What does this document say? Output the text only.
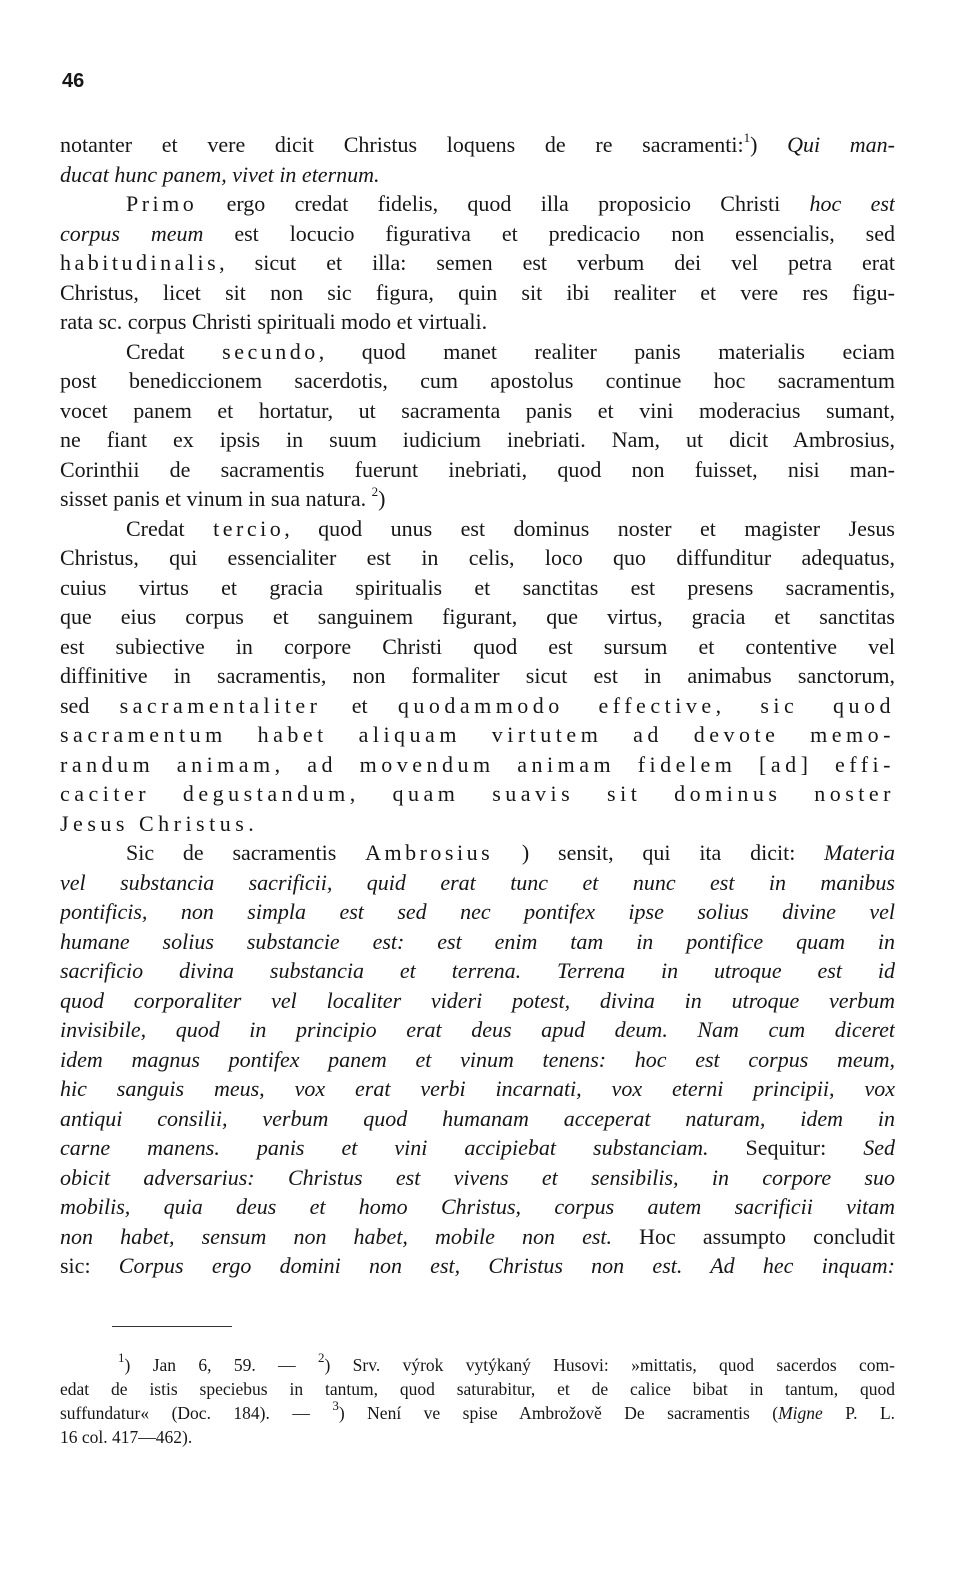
46
notanter et vere dicit Christus loquens de re sacramenti:$^1$) Qui man-
ducat hunc panem, vivet in eternum.
Primo ergo credat fidelis, quod illa proposicio Christi hoc est
corpus meum est locucio figurativa et predicacio non essencialis, sed
habitudinalis, sicut et illa: semen est verbum dei vel petra erat
Christus, licet sit non sic figura, quin sit ibi realiter et vere res figu-
rata sc. corpus Christi spirituali modo et virtuali.
Credat secundo, quod manet realiter panis materialis eciam
post benediccionem sacerdotis, cum apostolus continue hoc sacramentum
vocet panem et hortatur, ut sacramenta panis et vini moderacius sumant,
ne fiant ex ipsis in suum iudicium inebriati. Nam, ut dicit Ambrosius,
Corinthii de sacramentis fuerunt inebriati, quod non fuisset, nisi man-
sisset panis et vinum in sua natura. $^2$)
Credat tercio, quod unus est dominus noster et magister Jesus
Christus, qui essencialiter est in celis, loco quo diffunditur adequatus,
cuius virtus et gracia spiritualis et sanctitas est presens sacramentis,
que eius corpus et sanguinem figurant, que virtus, gracia et sanctitas
est subiective in corpore Christi quod est sursum et contentive vel
diffinitive in sacramentis, non formaliter sicut est in animabus sanctorum,
sed sacramentaliter et quodammodo effective, sic quod
sacramentum habet aliquam virtutem ad devote memo-
randum animam, ad movendum animam fidelem [ad] effi-
caciter degustandum, quam suavis sit dominus noster
Jesus Christus.
Sic de sacramentis Ambrosius ) sensit, qui ita dicit: Materia
vel substancia sacrificii, quid erat tunc et nunc est in manibus
pontificis, non simpla est sed nec pontifex ipse solius divine vel
humane solius substancie est: est enim tam in pontifice quam in
sacrificio divina substancia et terrena. Terrena in utroque est id
quod corporaliter vel localiter videri potest, divina in utroque verbum
invisibile, quod in principio erat deus apud deum. Nam cum diceret
idem magnus pontifex panem et vinum tenens: hoc est corpus meum,
hic sanguis meus, vox erat verbi incarnati, vox eterni principii, vox
antiqui consilii, verbum quod humanam acceperat naturam, idem in
carne manens. panis et vini accipiebat substanciam. Sequitur: Sed
obicit adversarius: Christus est vivens et sensibilis, in corpore suo
mobilis, quia deus et homo Christus, corpus autem sacrificii vitam
non habet, sensum non habet, mobile non est. Hoc assumpto concludit
sic: Corpus ergo domini non est, Christus non est. Ad hec inquam:
$^1$) Jan 6, 59. — $^2$) Srv. výrok vytýkaný Husovi: »mittatis, quod sacerdos com-
edat de istis speciebus in tantum, quod saturabitur, et de calice bibat in tantum, quod
suffundatur« (Doc. 184). — $^3$) Není ve spise Ambrožově De sacramentis (Migne P. L.
16 col. 417—462).
